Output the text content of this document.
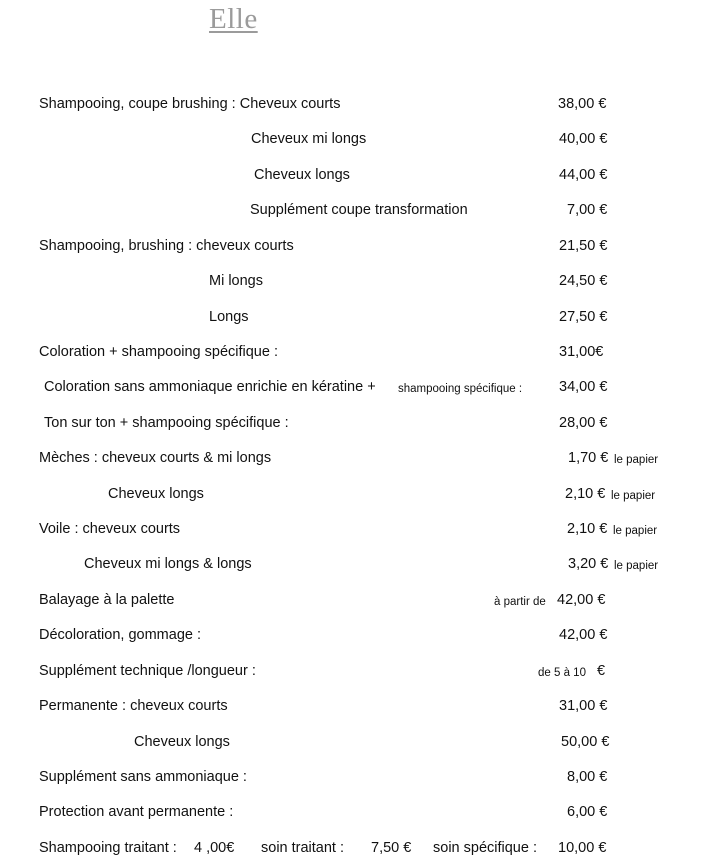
Elle
Shampooing, coupe brushing : Cheveux courts	38,00 €
Cheveux mi longs	40,00 €
Cheveux longs	44,00 €
Supplément coupe transformation	7,00 €
Shampooing, brushing : cheveux courts	21,50 €
Mi longs	24,50 €
Longs	27,50 €
Coloration + shampooing spécifique :	31,00€
Coloration sans ammoniaque enrichie en kératine + shampooing spécifique :	34,00 €
Ton sur ton + shampooing spécifique :	28,00 €
Mèches : cheveux courts & mi longs	1,70 € le papier
Cheveux longs	2,10 € le papier
Voile : cheveux courts	2,10 € le papier
Cheveux mi longs & longs	3,20 € le papier
Balayage à la palette	à partir de 42,00 €
Décoloration, gommage :	42,00 €
Supplément technique /longueur :	de 5 à 10 €
Permanente : cheveux courts	31,00 €
Cheveux longs	50,00 €
Supplément sans ammoniaque :	8,00 €
Protection avant permanente :	6,00 €
Shampooing traitant : 4 ,00€ soin traitant : 7,50 € soin spécifique : 10,00 €
